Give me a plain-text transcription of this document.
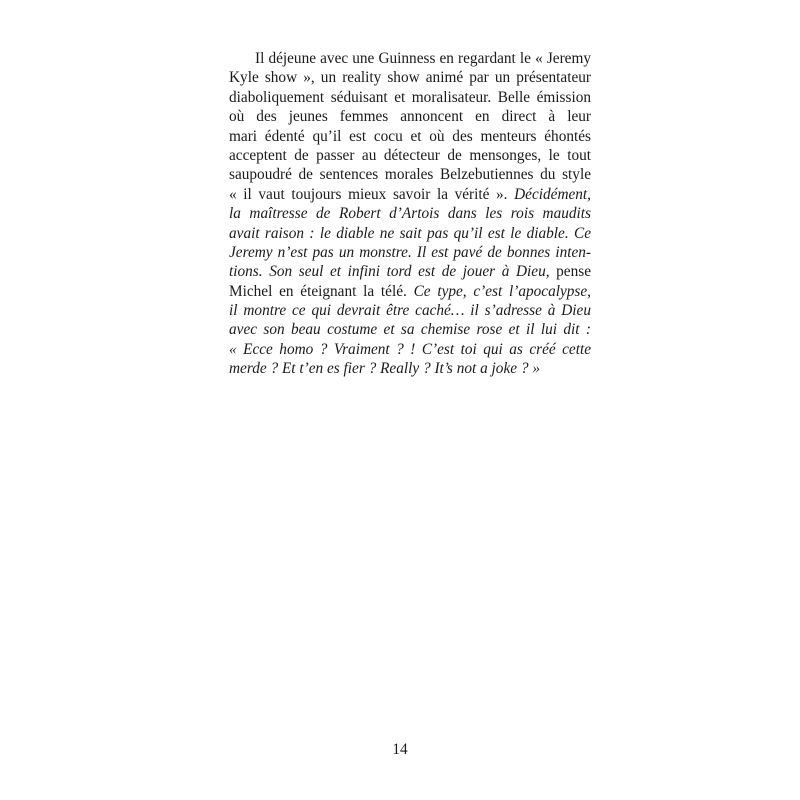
Il déjeune avec une Guinness en regardant le « Jeremy
Kyle show », un reality show animé par un présentateur
diaboliquement séduisant et moralisateur. Belle émission
où des jeunes femmes annoncent en direct à leur
mari édenté qu’il est cocu et où des menteurs éhontés
acceptent de passer au détecteur de mensonges, le tout
saupoudré de sentences morales Belzebutiennes du style
« il vaut toujours mieux savoir la vérité ». Décidément,
la maîtresse de Robert d’Artois dans les rois maudits
avait raison : le diable ne sait pas qu’il est le diable. Ce
Jeremy n’est pas un monstre. Il est pavé de bonnes inten-
tions. Son seul et infini tord est de jouer à Dieu, pense
Michel en éteignant la télé. Ce type, c’est l’apocalypse,
il montre ce qui devrait être caché… il s’adresse à Dieu
avec son beau costume et sa chemise rose et il lui dit :
« Ecce homo ? Vraiment ? ! C’est toi qui as créé cette
merde ? Et t’en es fier ? Really ? It’s not a joke ? »
14
